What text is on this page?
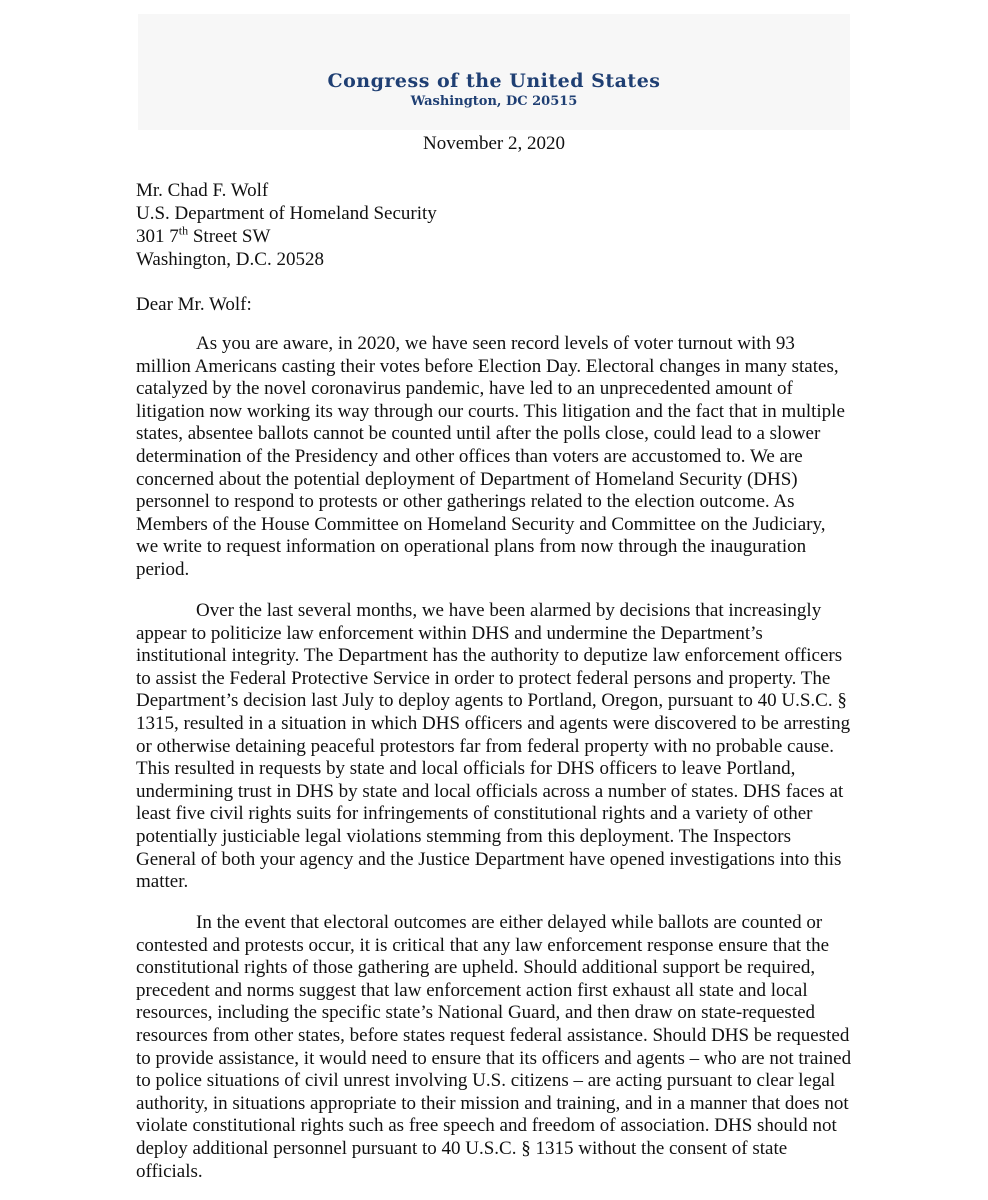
Congress of the United States
Washington, DC 20515
November 2, 2020
Mr. Chad F. Wolf
U.S. Department of Homeland Security
301 7th Street SW
Washington, D.C. 20528
Dear Mr. Wolf:

As you are aware, in 2020, we have seen record levels of voter turnout with 93 million Americans casting their votes before Election Day. Electoral changes in many states, catalyzed by the novel coronavirus pandemic, have led to an unprecedented amount of litigation now working its way through our courts. This litigation and the fact that in multiple states, absentee ballots cannot be counted until after the polls close, could lead to a slower determination of the Presidency and other offices than voters are accustomed to. We are concerned about the potential deployment of Department of Homeland Security (DHS) personnel to respond to protests or other gatherings related to the election outcome. As Members of the House Committee on Homeland Security and Committee on the Judiciary, we write to request information on operational plans from now through the inauguration period.

Over the last several months, we have been alarmed by decisions that increasingly appear to politicize law enforcement within DHS and undermine the Department’s institutional integrity. The Department has the authority to deputize law enforcement officers to assist the Federal Protective Service in order to protect federal persons and property. The Department’s decision last July to deploy agents to Portland, Oregon, pursuant to 40 U.S.C. § 1315, resulted in a situation in which DHS officers and agents were discovered to be arresting or otherwise detaining peaceful protestors far from federal property with no probable cause. This resulted in requests by state and local officials for DHS officers to leave Portland, undermining trust in DHS by state and local officials across a number of states. DHS faces at least five civil rights suits for infringements of constitutional rights and a variety of other potentially justiciable legal violations stemming from this deployment. The Inspectors General of both your agency and the Justice Department have opened investigations into this matter.

In the event that electoral outcomes are either delayed while ballots are counted or contested and protests occur, it is critical that any law enforcement response ensure that the constitutional rights of those gathering are upheld. Should additional support be required, precedent and norms suggest that law enforcement action first exhaust all state and local resources, including the specific state’s National Guard, and then draw on state-requested resources from other states, before states request federal assistance. Should DHS be requested to provide assistance, it would need to ensure that its officers and agents – who are not trained to police situations of civil unrest involving U.S. citizens – are acting pursuant to clear legal authority, in situations appropriate to their mission and training, and in a manner that does not violate constitutional rights such as free speech and freedom of association. DHS should not deploy additional personnel pursuant to 40 U.S.C. § 1315 without the consent of state officials.
